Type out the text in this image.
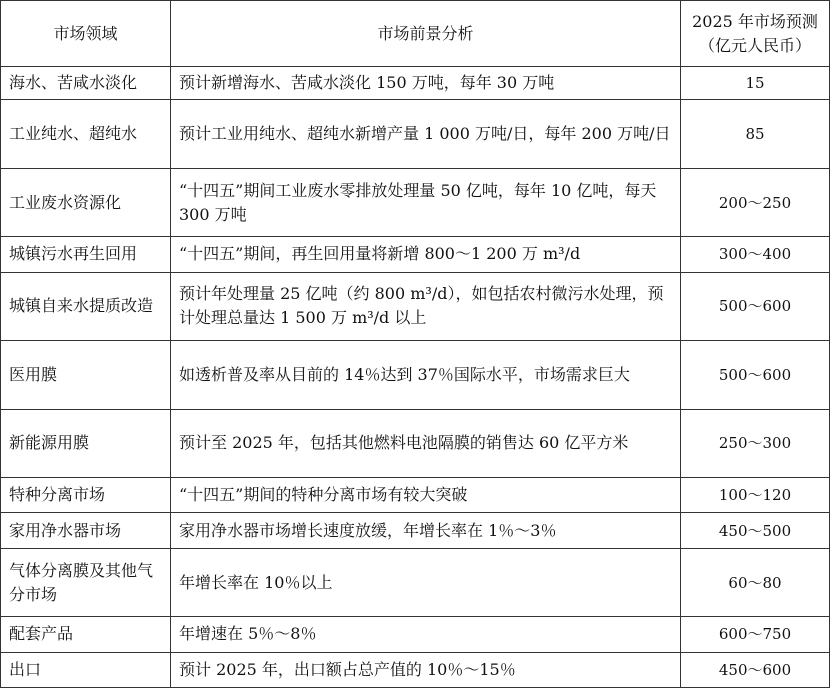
市场领域	市场前景分析	2025 年市场预测
（亿元人民币）

海水、苦咸水淡化	预计新增海水、苦咸水淡化 150 万吨，每年 30 万吨	15
工业纯水、超纯水	预计工业用纯水、超纯水新增产量 1 000 万吨/日，每年 200 万吨/日	85
工业废水资源化	“十四五”期间工业废水零排放处理量 50 亿吨，每年 10 亿吨，每天 300 万吨	200～250
城镇污水再生回用	“十四五”期间，再生回用量将新增 800～1 200 万 m³/d	300～400
城镇自来水提质改造	预计年处理量 25 亿吨（约 800 m³/d），如包括农村微污水处理，预计处理总量达 1 500 万 m³/d 以上	500～600
医用膜	如透析普及率从目前的 14％达到 37％国际水平，市场需求巨大	500～600
新能源用膜	预计至 2025 年，包括其他燃料电池隔膜的销售达 60 亿平方米	250～300
特种分离市场	“十四五”期间的特种分离市场有较大突破	100～120
家用净水器市场	家用净水器市场增长速度放缓，年增长率在 1％～3％	450～500
气体分离膜及其他气分市场	年增长率在 10％以上	60～80
配套产品	年增速在 5％～8％	600～750
出口	预计 2025 年，出口额占总产值的 10％～15％	450～600
